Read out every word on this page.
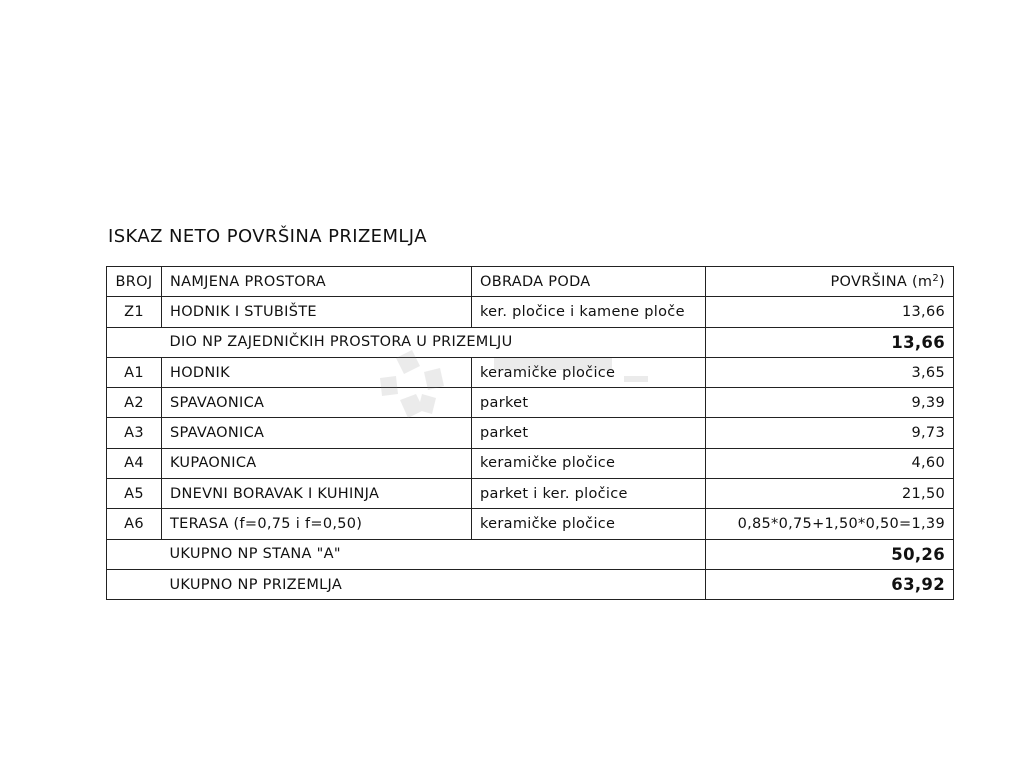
ISKAZ NETO POVRŠINA PRIZEMLJA
BROJ	NAMJENA PROSTORA	OBRADA PODA	POVRŠINA $(m^2)$
Z1	HODNIK I STUBIŠTE	ker. pločice i kamene ploče	13,66
	DIO NP ZAJEDNIČKIH PROSTORA U PRIZEMLJU		13,66
A1	HODNIK	keramičke pločice	3,65
A2	SPAVAONICA	parket	9,39
A3	SPAVAONICA	parket	9,73
A4	KUPAONICA	keramičke pločice	4,60
A5	DNEVNI BORAVAK I KUHINJA	parket i ker. pločice	21,50
A6	TERASA (f=0,75 i f=0,50)	keramičke pločice	0,85*0,75+1,50*0,50=1,39
	UKUPNO NP STANA "A"		50,26
	UKUPNO NP PRIZEMLJA		63,92
